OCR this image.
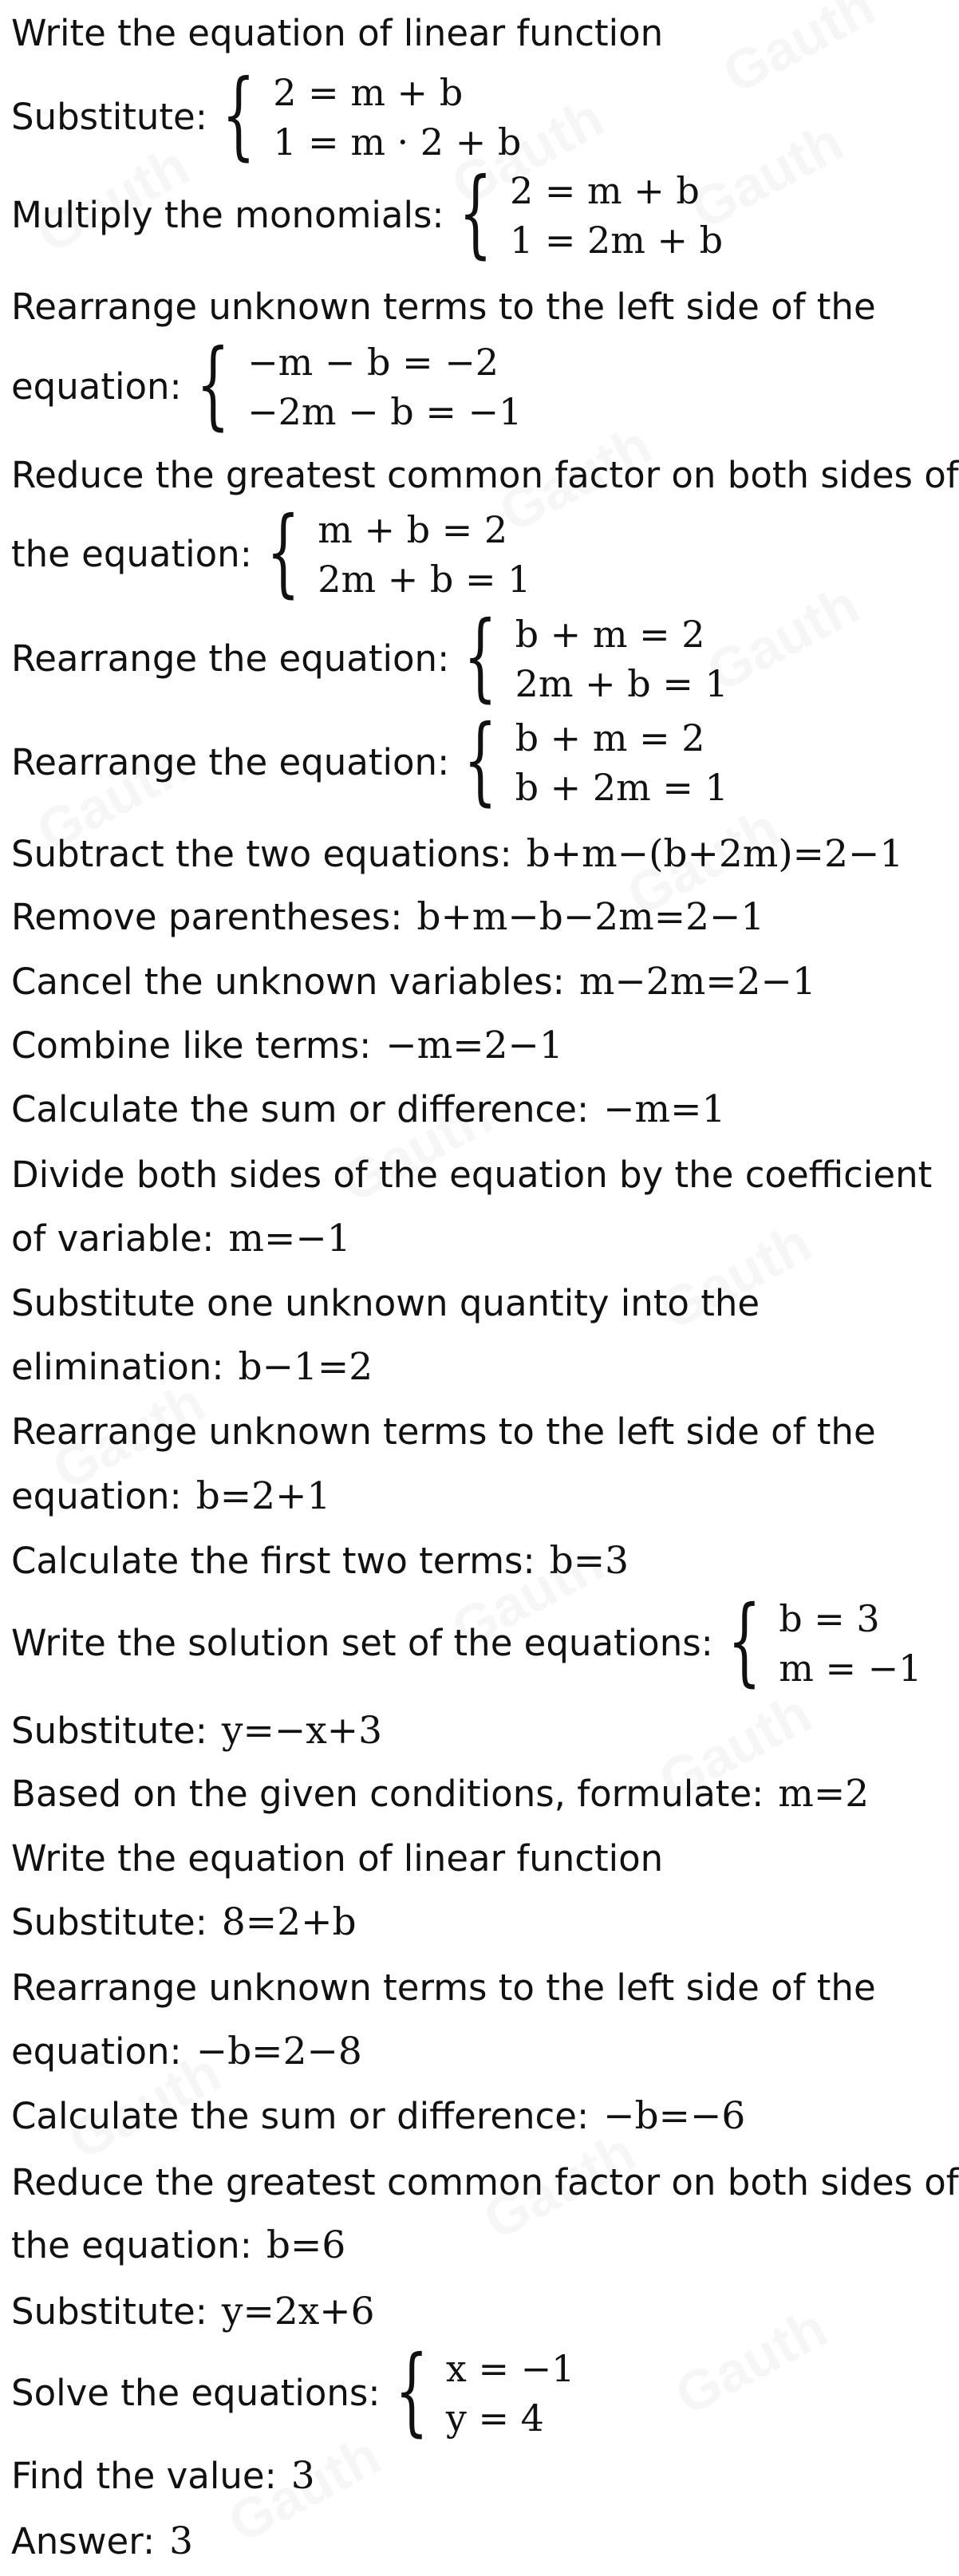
Write the equation of linear function
Substitute: { 2 = m + b
1 = m · 2 + b
Multiply the monomials: { 2 = m + b
1 = 2m + b
Rearrange unknown terms to the left side of the
equation: { −m − b = −2
−2m − b = −1
Reduce the greatest common factor on both sides of
the equation: { m + b = 2
2m + b = 1
Rearrange the equation: { b + m = 2
2m + b = 1
Rearrange the equation: { b + m = 2
b + 2m = 1
Subtract the two equations: b+m−(b+2m)=2−1
Remove parentheses: b+m−b−2m=2−1
Cancel the unknown variables: m−2m=2−1
Combine like terms: −m=2−1
Calculate the sum or difference: −m=1
Divide both sides of the equation by the coefficient
of variable: m=−1
Substitute one unknown quantity into the
elimination: b−1=2
Rearrange unknown terms to the left side of the
equation: b=2+1
Calculate the first two terms: b=3
Write the solution set of the equations: { b = 3
m = −1
Substitute: y=−x+3
Based on the given conditions, formulate: m=2
Write the equation of linear function
Substitute: 8=2+b
Rearrange unknown terms to the left side of the
equation: −b=2−8
Calculate the sum or difference: −b=−6
Reduce the greatest common factor on both sides of
the equation: b=6
Substitute: y=2x+6
Solve the equations: { x = −1
y = 4
Find the value: 3
Answer: 3
